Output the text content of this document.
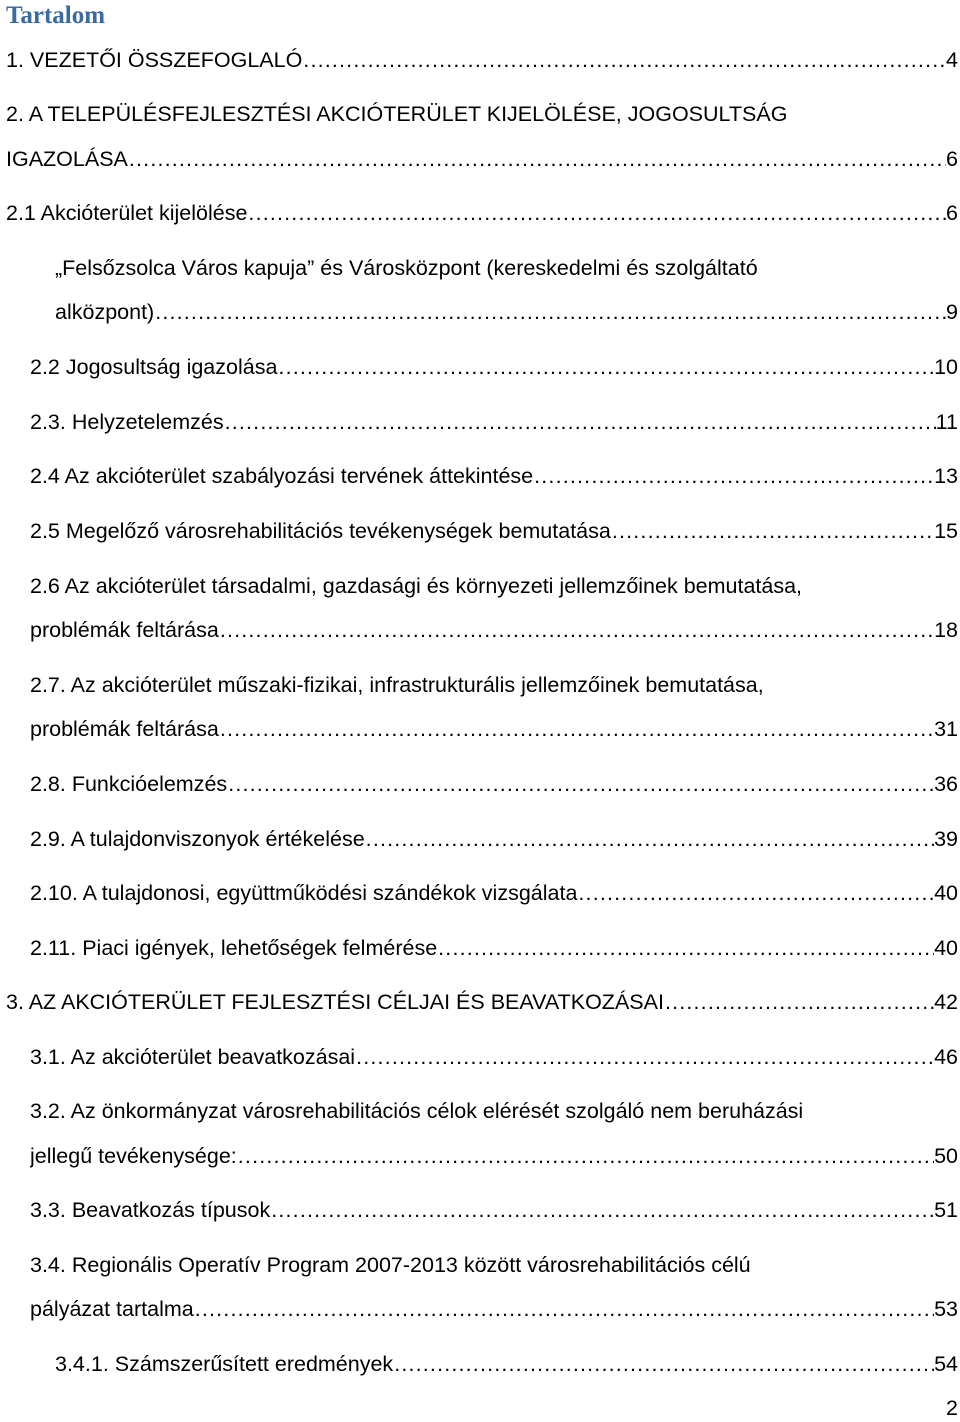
Tartalom
1. VEZETŐI ÖSSZEFOGLALÓ . . .	4
2. A TELEPÜLÉSFEJLESZTÉSI AKCIÓTERÜLET KIJELÖLÉSE, JOGOSULTSÁG
IGAZOLÁSA . . .	6
2.1 Akcióterület kijelölése . . .	6
„Felsőzsolca Város kapuja” és Városközpont (kereskedelmi és szolgáltató
alközpont) . . .	9
2.2 Jogosultság igazolása . . .	10
2.3. Helyzetelemzés . . .	11
2.4 Az akcióterület szabályozási tervének áttekintése . . .	13
2.5 Megelőző városrehabilitációs tevékenységek bemutatása . . .	15
2.6 Az akcióterület társadalmi, gazdasági és környezeti jellemzőinek bemutatása,
problémák feltárása . . .	18
2.7. Az akcióterület műszaki-fizikai, infrastrukturális jellemzőinek bemutatása,
problémák feltárása . . .	31
2.8. Funkcióelemzés . . .	36
2.9. A tulajdonviszonyok értékelése . . .	39
2.10. A tulajdonosi, együttműködési szándékok vizsgálata . . .	40
2.11. Piaci igények, lehetőségek felmérése . . .	40
3. AZ AKCIÓTERÜLET FEJLESZTÉSI CÉLJAI ÉS BEAVATKOZÁSAI . . .	42
3.1. Az akcióterület beavatkozásai . . .	46
3.2. Az önkormányzat városrehabilitációs célok elérését szolgáló nem beruházási
jellegű tevékenysége: . . .	50
3.3. Beavatkozás típusok . . .	51
3.4. Regionális Operatív Program 2007-2013 között városrehabilitációs célú
pályázat tartalma . . .	53
3.4.1. Számszerűsített eredmények . . .	54
2
